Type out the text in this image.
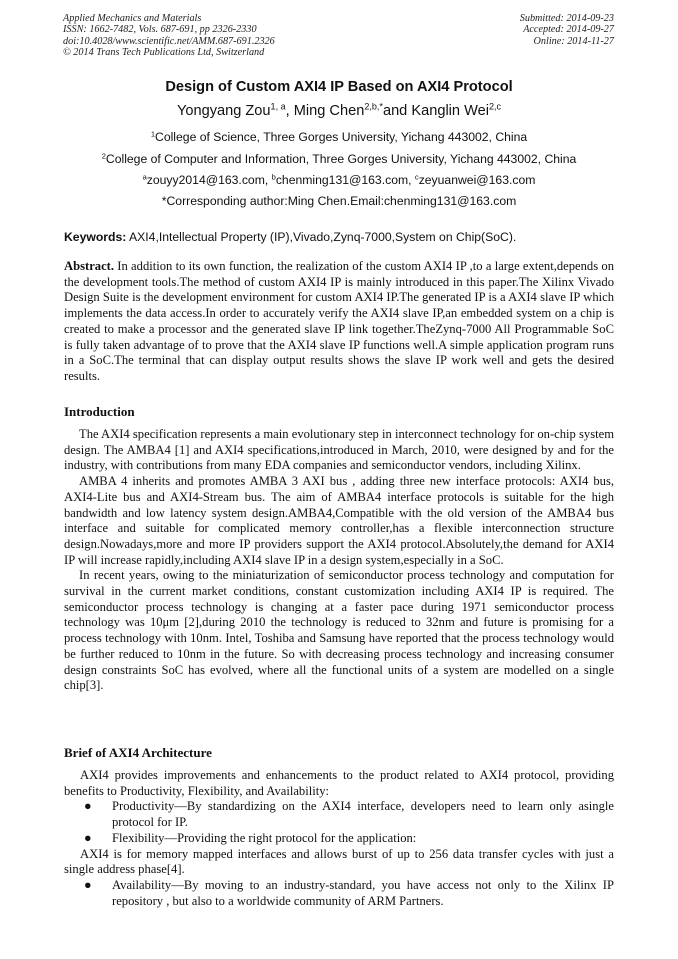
Applied Mechanics and Materials
ISSN: 1662-7482, Vols. 687-691, pp 2326-2330
doi:10.4028/www.scientific.net/AMM.687-691.2326
© 2014 Trans Tech Publications Ltd, Switzerland
Submitted: 2014-09-23
Accepted: 2014-09-27
Online: 2014-11-27
Design of Custom AXI4 IP Based on AXI4 Protocol
Yongyang Zou$^{1, a}$, Ming Chen$^{2,b,*}$and Kanglin Wei$^{2,c}$
$^1$College of Science, Three Gorges University, Yichang 443002, China
$^2$College of Computer and Information, Three Gorges University, Yichang 443002, China
$^a$zouyy2014@163.com, $^b$chenming131@163.com, $^c$zeyuanwei@163.com
*Corresponding author:Ming Chen.Email:chenming131@163.com
Keywords: AXI4,Intellectual Property (IP),Vivado,Zynq-7000,System on Chip(SoC).

Abstract. In addition to its own function, the realization of the custom AXI4 IP ,to a large extent,depends on the development tools.The method of custom AXI4 IP is mainly introduced in this paper.The Xilinx Vivado Design Suite is the development environment for custom AXI4 IP.The generated IP is a AXI4 slave IP which implements the data access.In order to accurately verify the AXI4 slave IP,an embedded system on a chip is created to make a processor and the generated slave IP link together.TheZynq-7000 All Programmable SoC is fully taken advantage of to prove that the AXI4 slave IP functions well.A simple application program runs in a SoC.The terminal that can display output results shows the slave IP work well and gets the desired results.

Introduction

The AXI4 specification represents a main evolutionary step in interconnect technology for on-chip system design. The AMBA4 [1] and AXI4 specifications,introduced in March, 2010, were designed by and for the industry, with contributions from many EDA companies and semiconductor vendors, including Xilinx.

AMBA 4 inherits and promotes AMBA 3 AXI bus , adding three new interface protocols: AXI4 bus, AXI4-Lite bus and AXI4-Stream bus. The aim of AMBA4 interface protocols is suitable for the high bandwidth and low latency system design.AMBA4,Compatible with the old version of the AMBA4 bus interface and suitable for complicated memory controller,has a flexible interconnection structure design.Nowadays,more and more IP providers support the AXI4 protocol.Absolutely,the demand for AXI4 IP will increase rapidly,including AXI4 slave IP in a design system,especially in a SoC.

In recent years, owing to the miniaturization of semiconductor process technology and computation for survival in the current market conditions, constant customization including AXI4 IP is required. The semiconductor process technology is changing at a faster pace during 1971 semiconductor process technology was 10μm [2],during 2010 the technology is reduced to 32nm and future is promising for a process technology with 10nm. Intel, Toshiba and Samsung have reported that the process technology would be further reduced to 10nm in the future. So with decreasing process technology and increasing consumer design constraints SoC has evolved, where all the functional units of a system are modelled on a single chip[3].

Brief of AXI4 Architecture

AXI4 provides improvements and enhancements to the product related to AXI4 protocol, providing benefits to Productivity, Flexibility, and Availability:

● Productivity—By standardizing on the AXI4 interface, developers need to learn only asingle protocol for IP.

● Flexibility—Providing the right protocol for the application:

AXI4 is for memory mapped interfaces and allows burst of up to 256 data transfer cycles with just a single address phase[4].

● Availability—By moving to an industry-standard, you have access not only to the Xilinx IP repository , but also to a worldwide community of ARM Partners.
